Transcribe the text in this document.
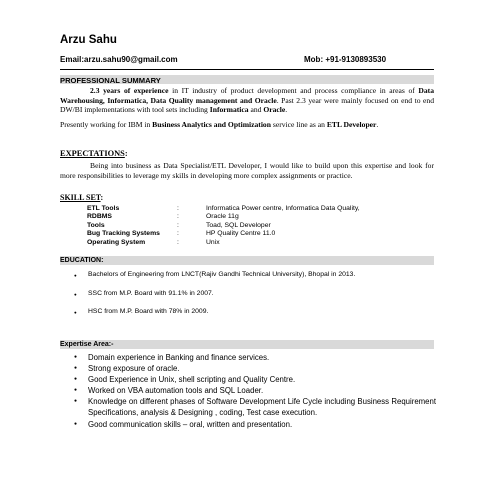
Arzu Sahu
Email:arzu.sahu90@gmail.com	Mob: +91-9130893530
PROFESSIONAL SUMMARY

2.3 years of experience in IT industry of product development and process compliance in areas of Data Warehousing, Informatica, Data Quality management and Oracle. Past 2.3 year were mainly focused on end to end DW/BI implementations with tool sets including Informatica and Oracle.

Presently working for IBM in Business Analytics and Optimization service line as an ETL Developer.

EXPECTATIONS:

Being into business as Data Specialist/ETL Developer, I would like to build upon this expertise and look for more responsibilities to leverage my skills in developing more complex assignments or practice.

SKILL SET:
ETL Tools	:	Informatica Power centre, Informatica Data Quality,
RDBMS	:	Oracle 11g
Tools	:	Toad, SQL Developer
Bug Tracking Systems	:	HP Quality Centre 11.0
Operating System	:	Unix
EDUCATION:
● Bachelors of Engineering from LNCT(Rajiv Gandhi Technical University), Bhopal in 2013.
● SSC from M.P. Board with 91.1% in 2007.
● HSC from M.P. Board with 78% in 2009.
Expertise Area:-
● Domain experience in Banking and finance services.
● Strong exposure of oracle.
● Good Experience in Unix, shell scripting and Quality Centre.
● Worked on VBA automation tools and SQL Loader.
● Knowledge on different phases of Software Development Life Cycle including Business Requirement Specifications, analysis & Designing , coding, Test case execution.
● Good communication skills – oral, written and presentation.
